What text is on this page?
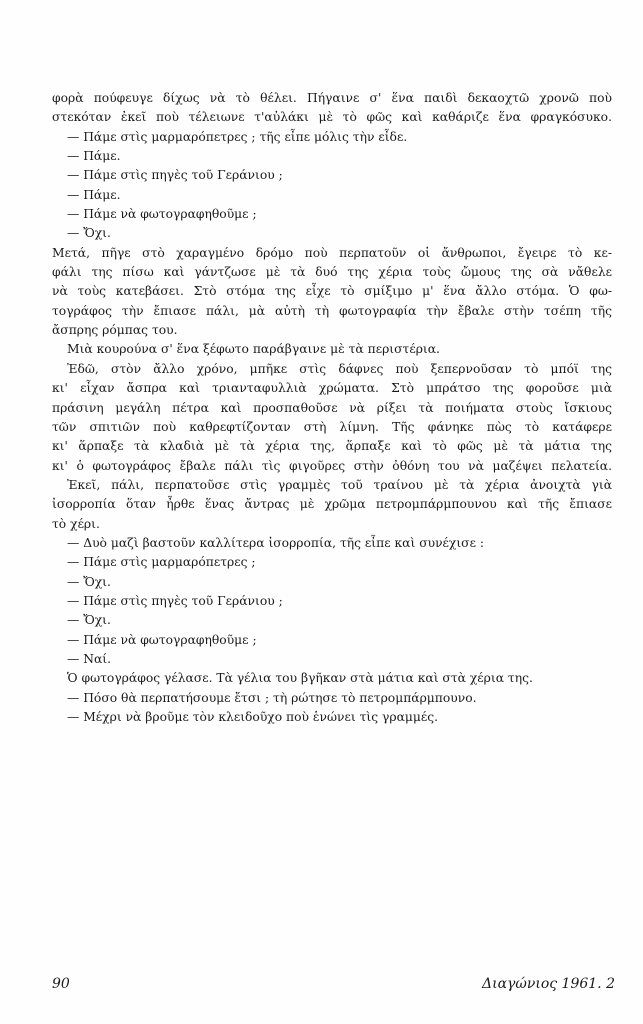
φορὰ πούφευγε δίχως νὰ τὸ θέλει. Πήγαινε σ' ἕνα παιδὶ δεκαοχτῶ χρονῶ ποὺ
στεκόταν ἐκεῖ ποὺ τέλειωνε τ'αὐλάκι μὲ τὸ φῶς καὶ καθάριζε ἕνα φραγκόσυκο.
— Πάμε στὶς μαρμαρόπετρες ; τῆς εἶπε μόλις τὴν εἶδε.
— Πάμε.
— Πάμε στὶς πηγὲς τοῦ Γεράνιου ;
— Πάμε.
— Πάμε νὰ φωτογραφηθοῦμε ;
— Ὄχι.
Μετά, πῆγε στὸ χαραγμένο δρόμο ποὺ περπατοῦν οἱ ἄνθρωποι, ἔγειρε τὸ κε-
φάλι της πίσω καὶ γάντζωσε μὲ τὰ δυό της χέρια τοὺς ὤμους της σὰ νἄθελε
νὰ τοὺς κατεβάσει. Στὸ στόμα της εἶχε τὸ σμίξιμο μ' ἕνα ἄλλο στόμα. Ὁ φω-
τογράφος τὴν ἔπιασε πάλι, μὰ αὐτὴ τὴ φωτογραφία τὴν ἔβαλε στὴν τσέπη τῆς
ἄσπρης ρόμπας του.
Μιὰ κουρούνα σ' ἕνα ξέφωτο παράβγαινε μὲ τὰ περιστέρια.
Ἐδῶ, στὸν ἄλλο χρόνο, μπῆκε στὶς δάφνες ποὺ ξεπερνοῦσαν τὸ μπόϊ της
κι' εἶχαν ἄσπρα καὶ τριανταφυλλιὰ χρώματα. Στὸ μπράτσο της φοροῦσε μιὰ
πράσινη μεγάλη πέτρα καὶ προσπαθοῦσε νὰ ρίξει τὰ ποιήματα στοὺς ἴσκιους
τῶν σπιτιῶν ποὺ καθρεφτίζονταν στὴ λίμνη. Τῆς φάνηκε πὼς τὸ κατάφερε
κι' ἅρπαξε τὰ κλαδιὰ μὲ τὰ χέρια της, ἅρπαξε καὶ τὸ φῶς μὲ τὰ μάτια της
κι' ὁ φωτογράφος ἔβαλε πάλι τὶς φιγοῦρες στὴν ὀθόνη του νὰ μαζέψει πελατεία.
Ἐκεῖ, πάλι, περπατοῦσε στὶς γραμμὲς τοῦ τραίνου μὲ τὰ χέρια ἀνοιχτὰ γιὰ
ἰσορροπία ὅταν ἦρθε ἕνας ἄντρας μὲ χρῶμα πετρομπάρμπουνου καὶ τῆς ἔπιασε
τὸ χέρι.
— Δυὸ μαζὶ βαστοῦν καλλίτερα ἰσορροπία, τῆς εἶπε καὶ συνέχισε :
— Πάμε στὶς μαρμαρόπετρες ;
— Ὄχι.
— Πάμε στὶς πηγὲς τοῦ Γεράνιου ;
— Ὄχι.
— Πάμε νὰ φωτογραφηθοῦμε ;
— Ναί.
Ὁ φωτογράφος γέλασε. Τὰ γέλια του βγῆκαν στὰ μάτια καὶ στὰ χέρια της.
— Πόσο θὰ περπατήσουμε ἔτσι ; τὴ ρώτησε τὸ πετρομπάρμπουνο.
— Μέχρι νὰ βροῦμε τὸν κλειδοῦχο ποὺ ἑνώνει τὶς γραμμές.
90	Διαγώνιος 1961. 2
